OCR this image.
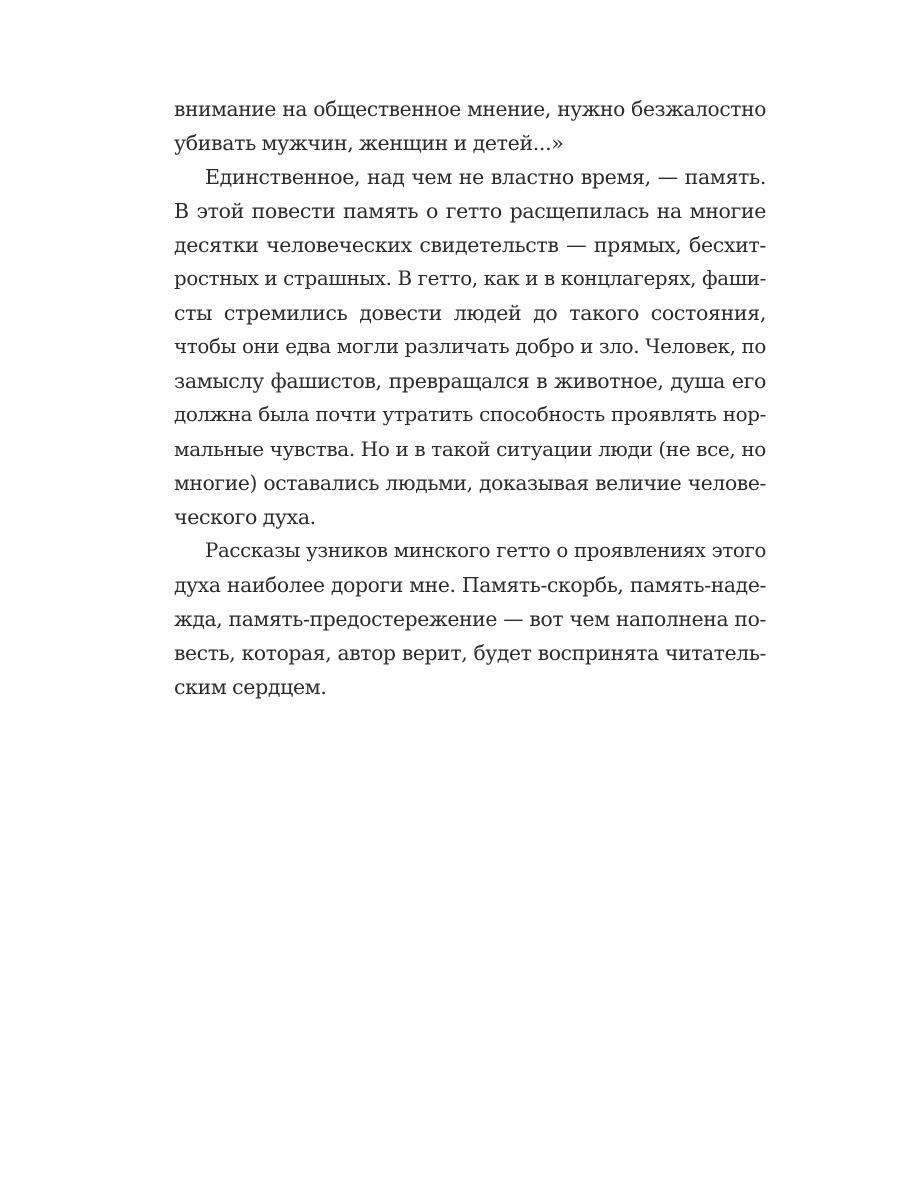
внимание на общественное мнение, нужно безжалостно
убивать мужчин, женщин и детей...»
Единственное, над чем не властно время, — память.
В этой повести память о гетто расщепилась на многие
десятки человеческих свидетельств — прямых, бесхит-
ростных и страшных. В гетто, как и в концлагерях, фаши-
сты стремились довести людей до такого состояния,
чтобы они едва могли различать добро и зло. Человек, по
замыслу фашистов, превращался в животное, душа его
должна была почти утратить способность проявлять нор-
мальные чувства. Но и в такой ситуации люди (не все, но
многие) оставались людьми, доказывая величие челове-
ческого духа.
Рассказы узников минского гетто о проявлениях этого
духа наиболее дороги мне. Память-скорбь, память-наде-
жда, память-предостережение — вот чем наполнена по-
весть, которая, автор верит, будет воспринята читатель-
ским сердцем.
